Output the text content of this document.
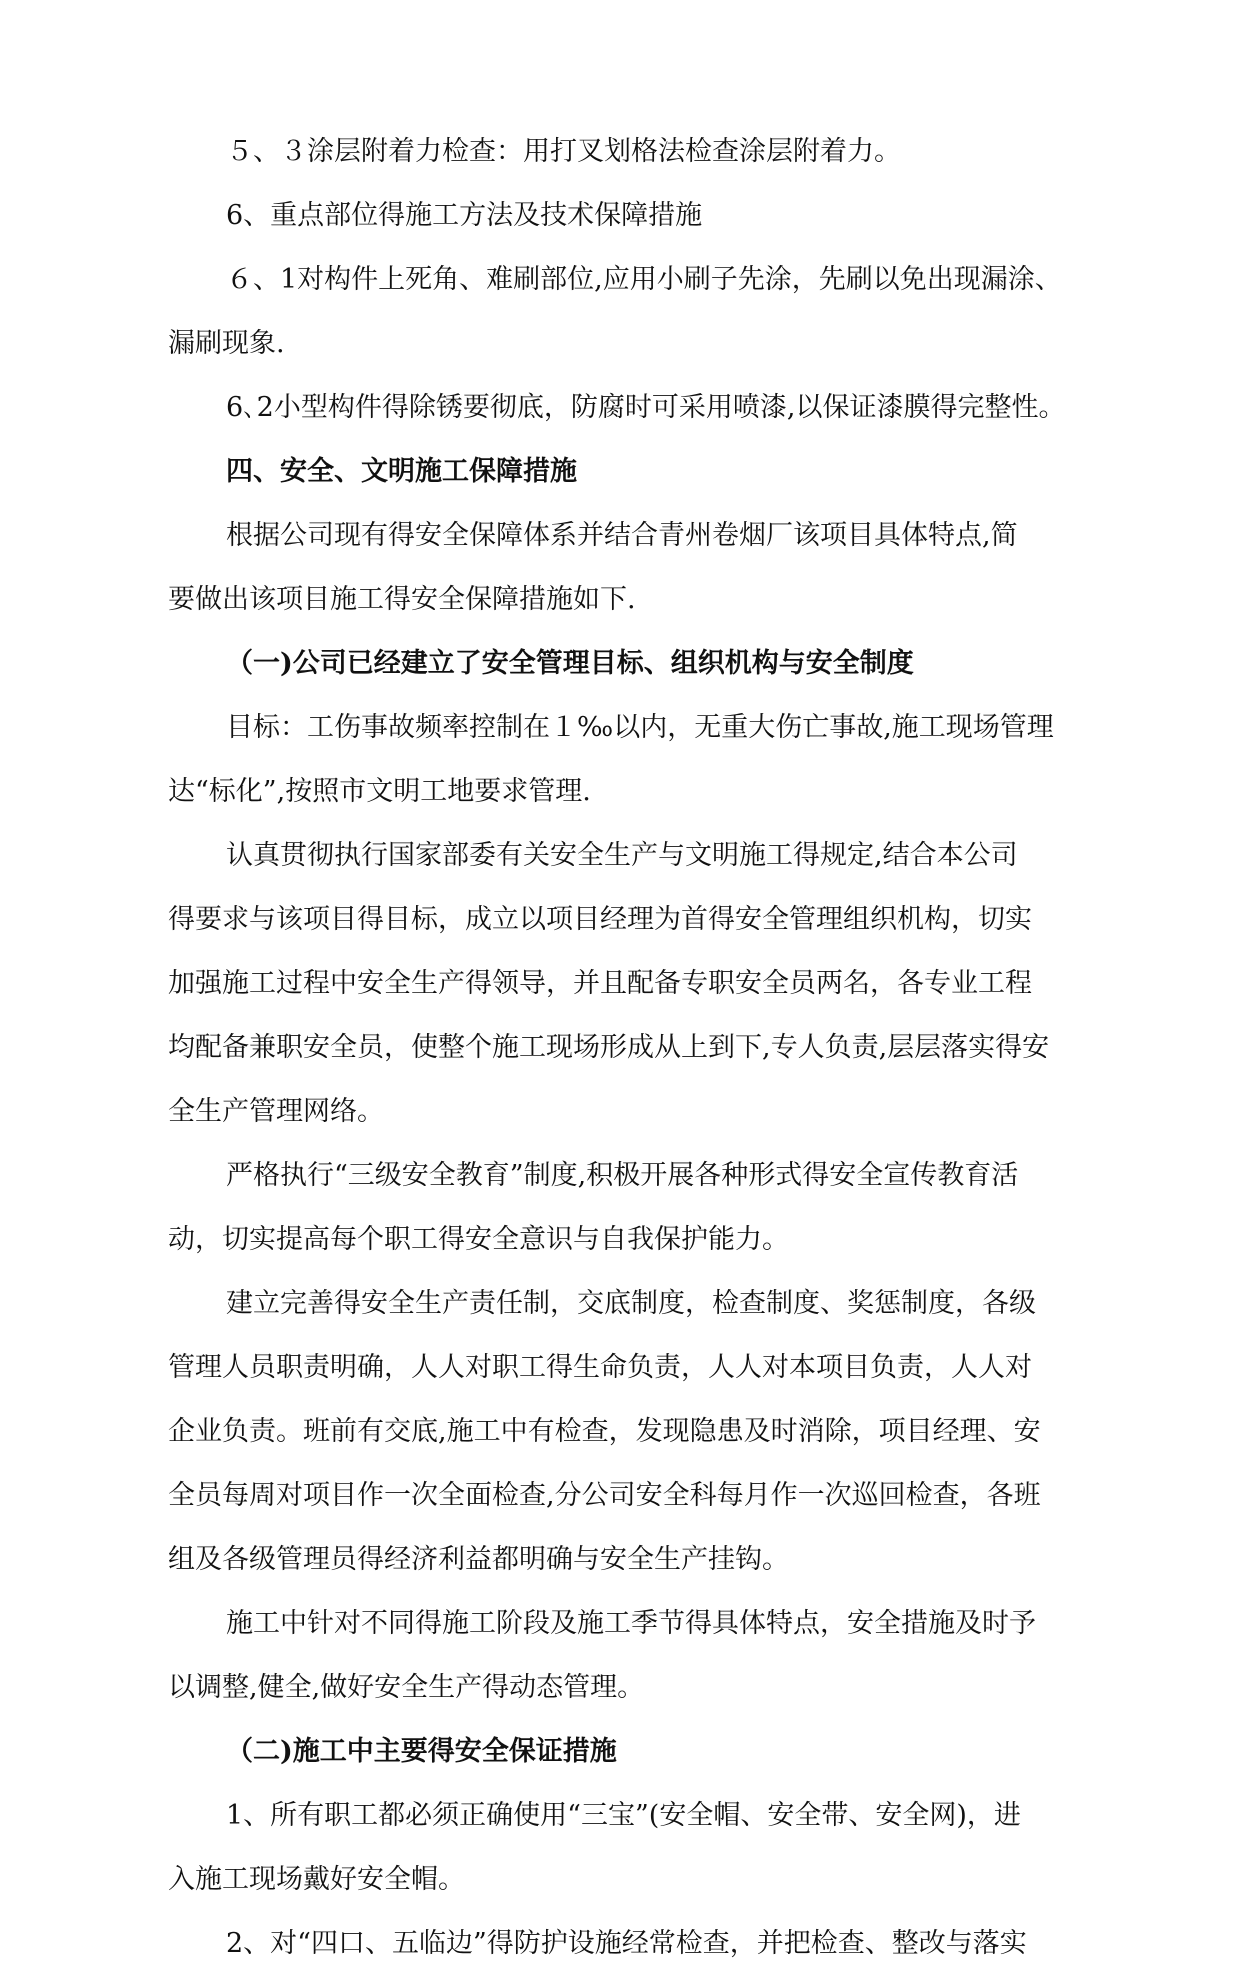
５、３涂层附着力检查：用打叉划格法检查涂层附着力。
6、重点部位得施工方法及技术保障措施
６、1对构件上死角、难刷部位,应用小刷子先涂，先刷以免出现漏涂、
漏刷现象.
6､2小型构件得除锈要彻底，防腐时可采用喷漆,以保证漆膜得完整性。
四、安全、文明施工保障措施
根据公司现有得安全保障体系并结合青州卷烟厂该项目具体特点,简
要做出该项目施工得安全保障措施如下.
（一)公司已经建立了安全管理目标、组织机构与安全制度
目标：工伤事故频率控制在１‰以内，无重大伤亡事故,施工现场管理
达“标化”,按照市文明工地要求管理.
认真贯彻执行国家部委有关安全生产与文明施工得规定,结合本公司
得要求与该项目得目标，成立以项目经理为首得安全管理组织机构，切实
加强施工过程中安全生产得领导，并且配备专职安全员两名，各专业工程
均配备兼职安全员，使整个施工现场形成从上到下,专人负责,层层落实得安
全生产管理网络。
严格执行“三级安全教育”制度,积极开展各种形式得安全宣传教育活
动，切实提高每个职工得安全意识与自我保护能力。
建立完善得安全生产责任制，交底制度，检查制度、奖惩制度，各级
管理人员职责明确，人人对职工得生命负责，人人对本项目负责，人人对
企业负责。班前有交底,施工中有检查，发现隐患及时消除，项目经理、安
全员每周对项目作一次全面检查,分公司安全科每月作一次巡回检查，各班
组及各级管理员得经济利益都明确与安全生产挂钩。
施工中针对不同得施工阶段及施工季节得具体特点，安全措施及时予
以调整,健全,做好安全生产得动态管理。
（二)施工中主要得安全保证措施
1、所有职工都必须正确使用“三宝”(安全帽、安全带、安全网)，进
入施工现场戴好安全帽。
2、对“四口、五临边”得防护设施经常检查，并把检查、整改与落实
